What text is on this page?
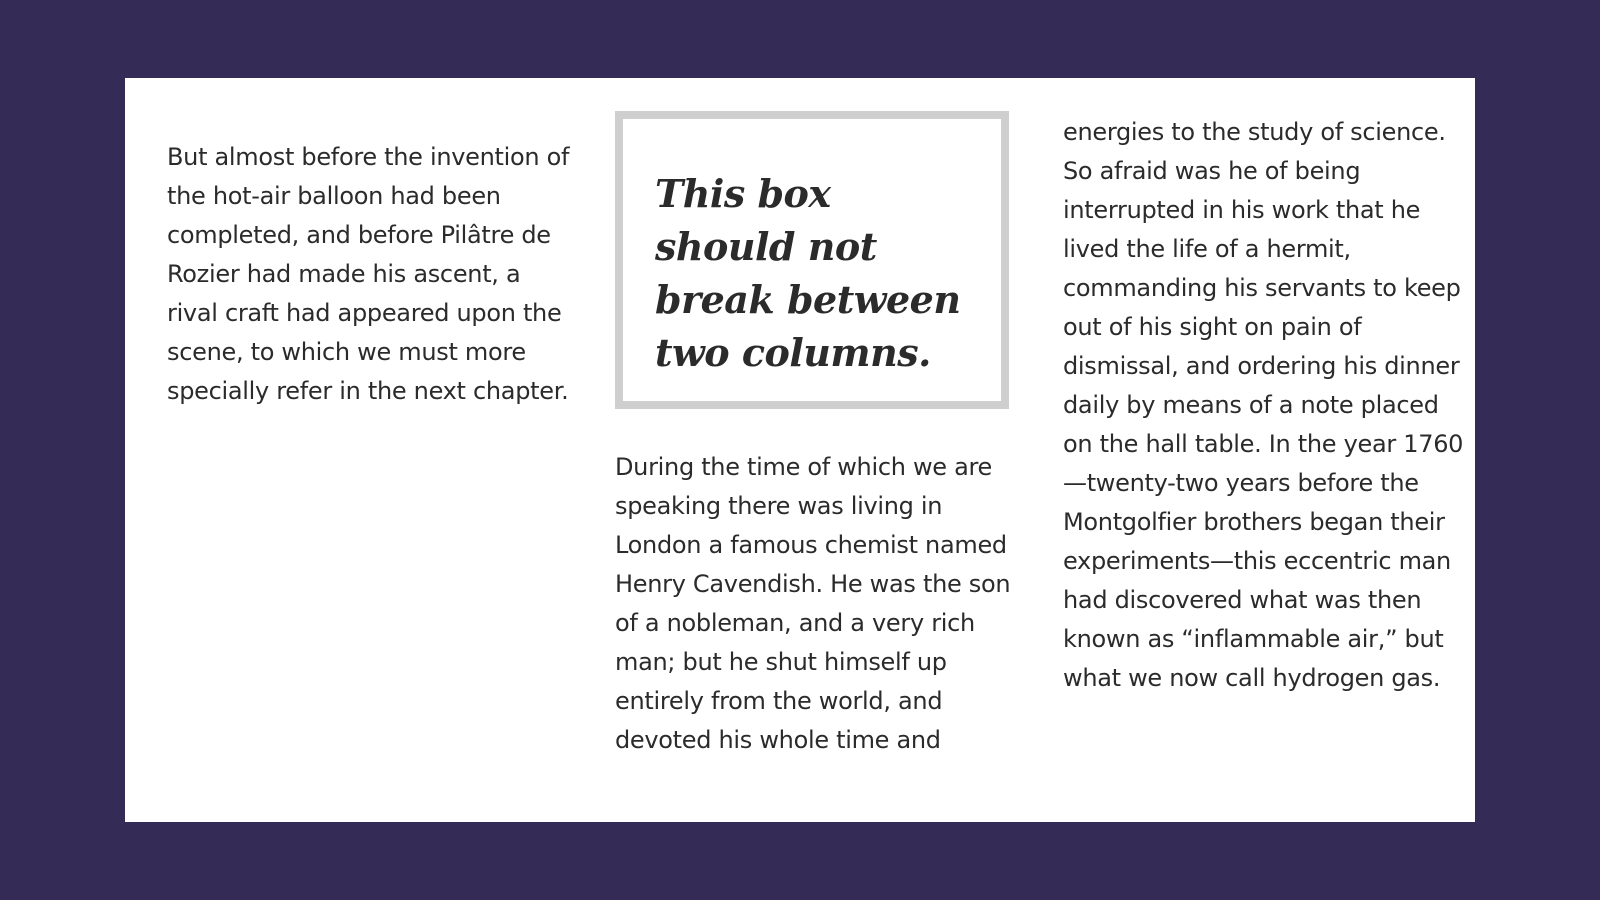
But almost before the invention of the hot-air balloon had been completed, and before Pilâtre de Rozier had made his ascent, a rival craft had appeared upon the scene, to which we must more specially refer in the next chapter.

This box should not break between two columns.

During the time of which we are speaking there was living in London a famous chemist named Henry Cavendish. He was the son of a nobleman, and a very rich man; but he shut himself up entirely from the world, and devoted his whole time and

energies to the study of science. So afraid was he of being interrupted in his work that he lived the life of a hermit, commanding his servants to keep out of his sight on pain of dismissal, and ordering his dinner daily by means of a note placed on the hall table. In the year 1760—twenty-two years before the Montgolfier brothers began their experiments—this eccentric man had discovered what was then known as “inflammable air,” but what we now call hydrogen gas.
